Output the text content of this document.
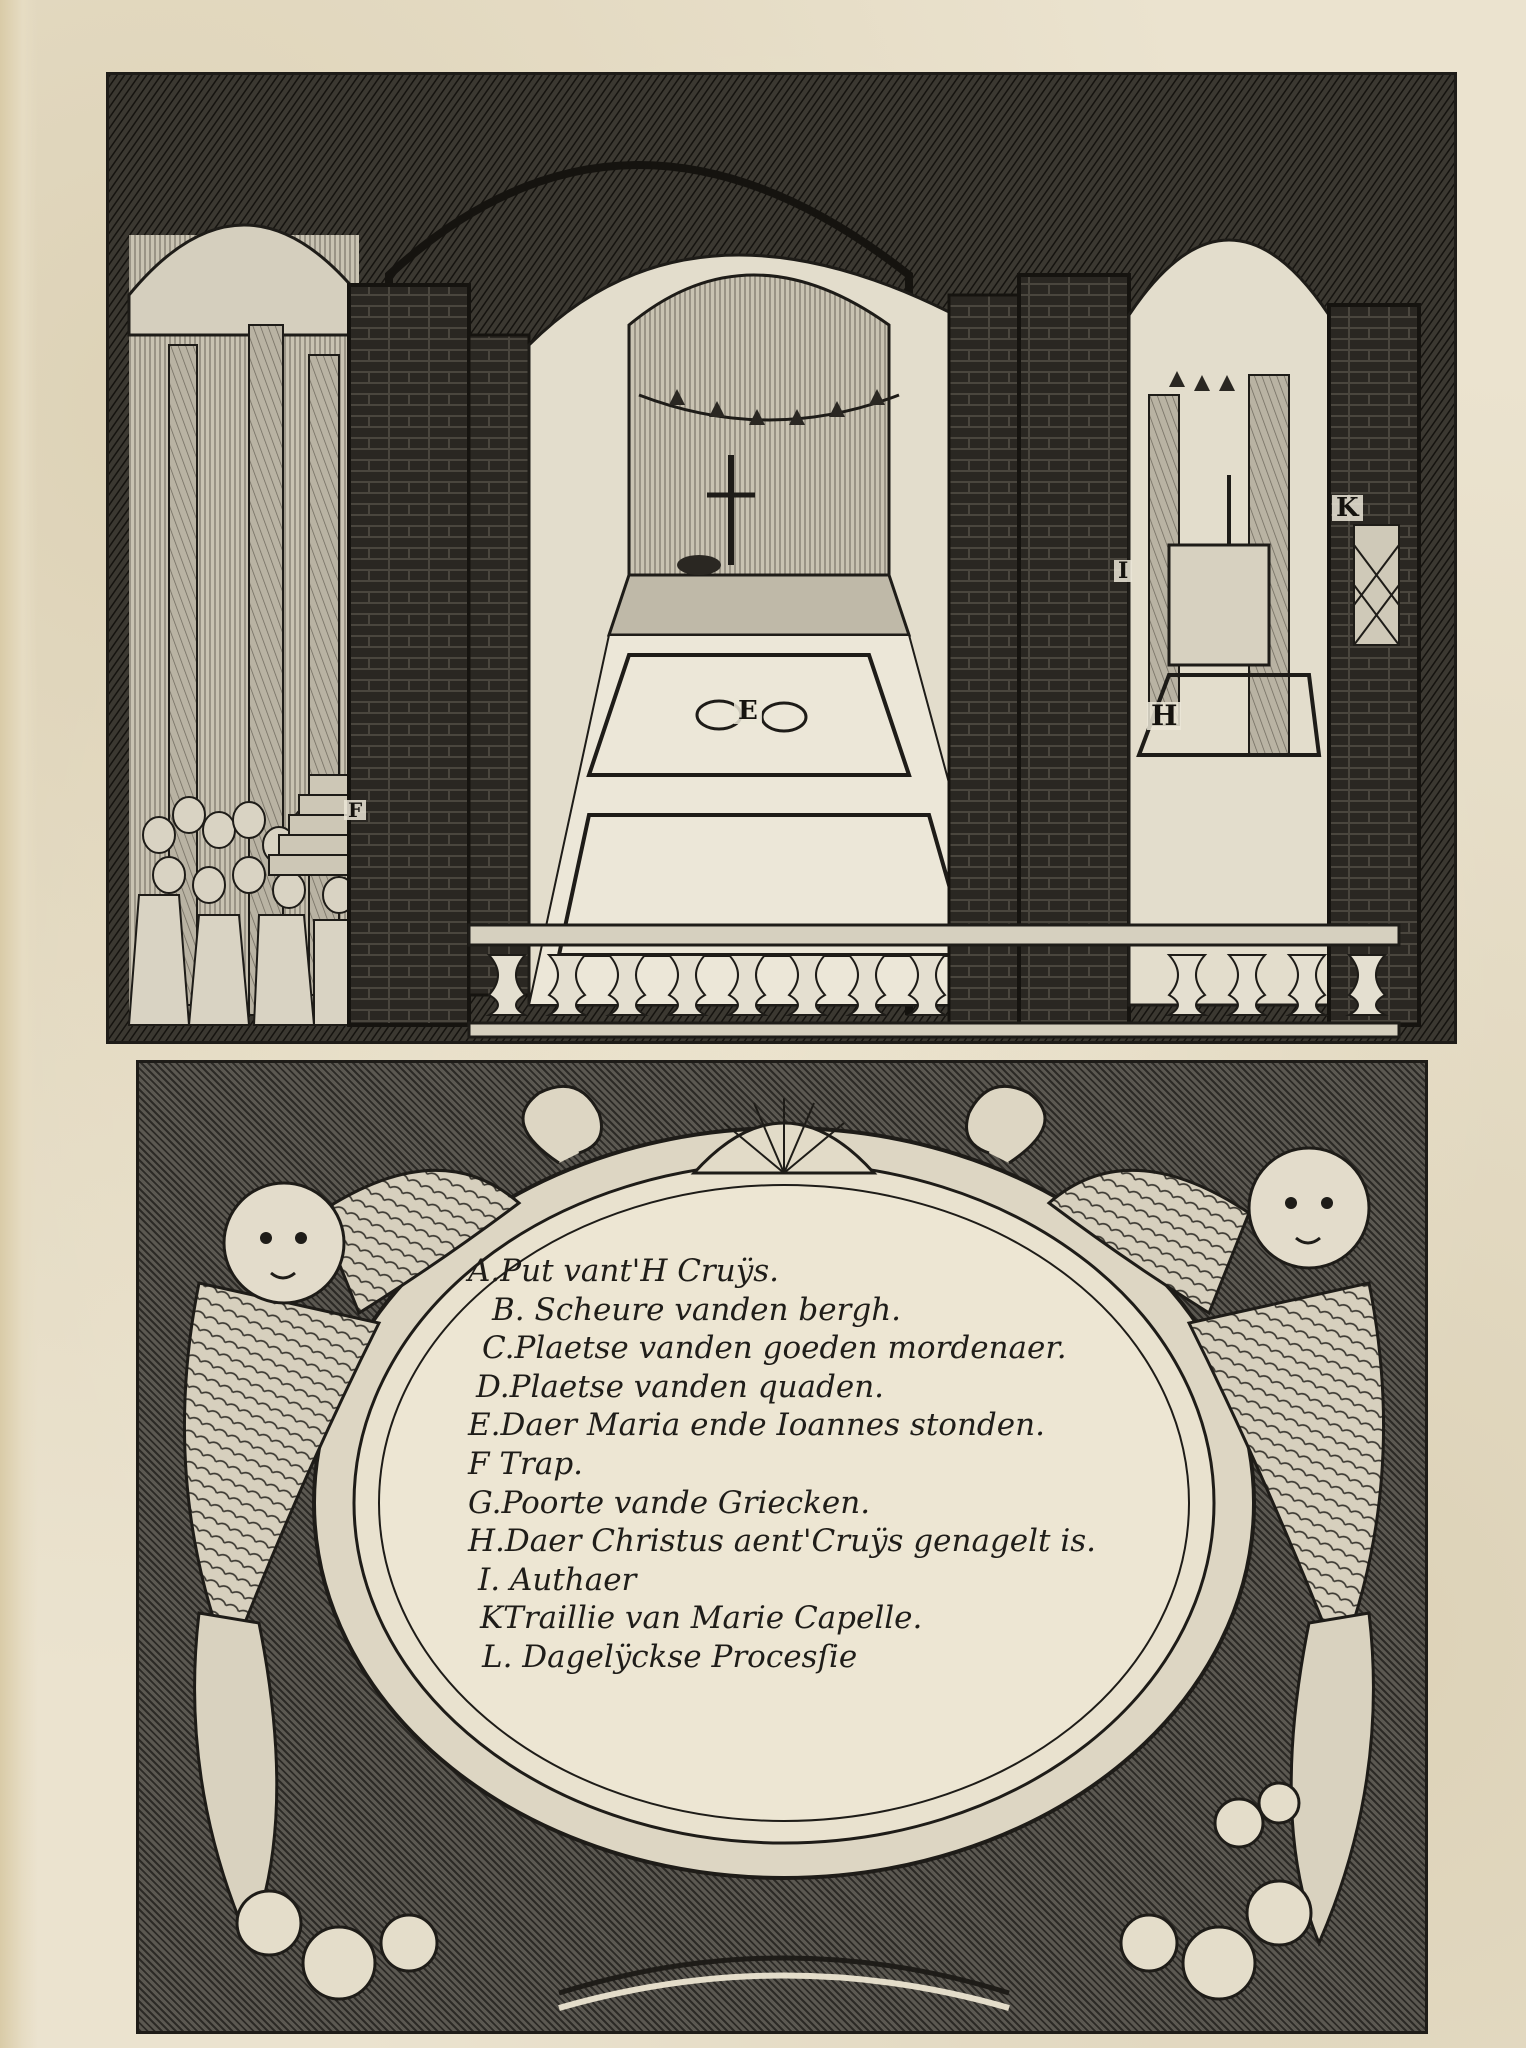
E	H
K
I
F
A.Put vant'H Cruÿs.
B. Scheure vanden bergh.
C.Plaetse vanden goeden mordenaer.
D.Plaetse vanden quaden.
E.Daer Maria ende Ioannes stonden.
F Trap.
G.Poorte vande Griecken.
H.Daer Christus aent'Cruÿs genagelt is.
I. Authaer
KTraillie van Marie Capelle.
L. Dagelÿckse Procesſie
